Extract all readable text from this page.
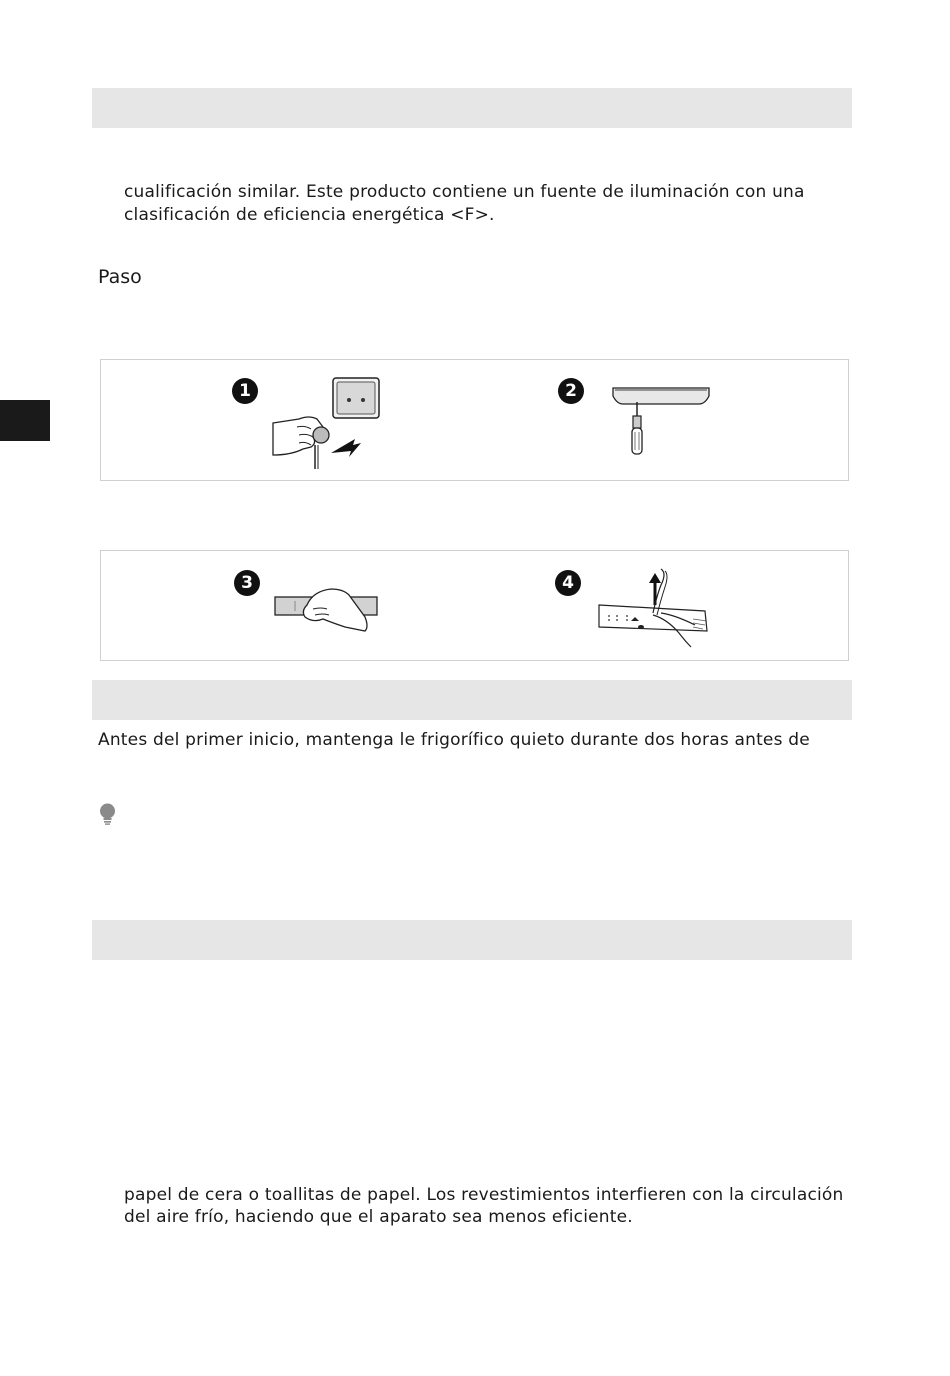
cualificación similar. Este producto contiene un fuente de iluminación con una
clasificación de eficiencia energética <F>.
Paso
1	2
3	4
Antes del primer inicio, mantenga le frigorífico quieto durante dos horas antes de
papel de cera o toallitas de papel. Los revestimientos interfieren con la circulación
del aire frío, haciendo que el aparato sea menos eficiente.
